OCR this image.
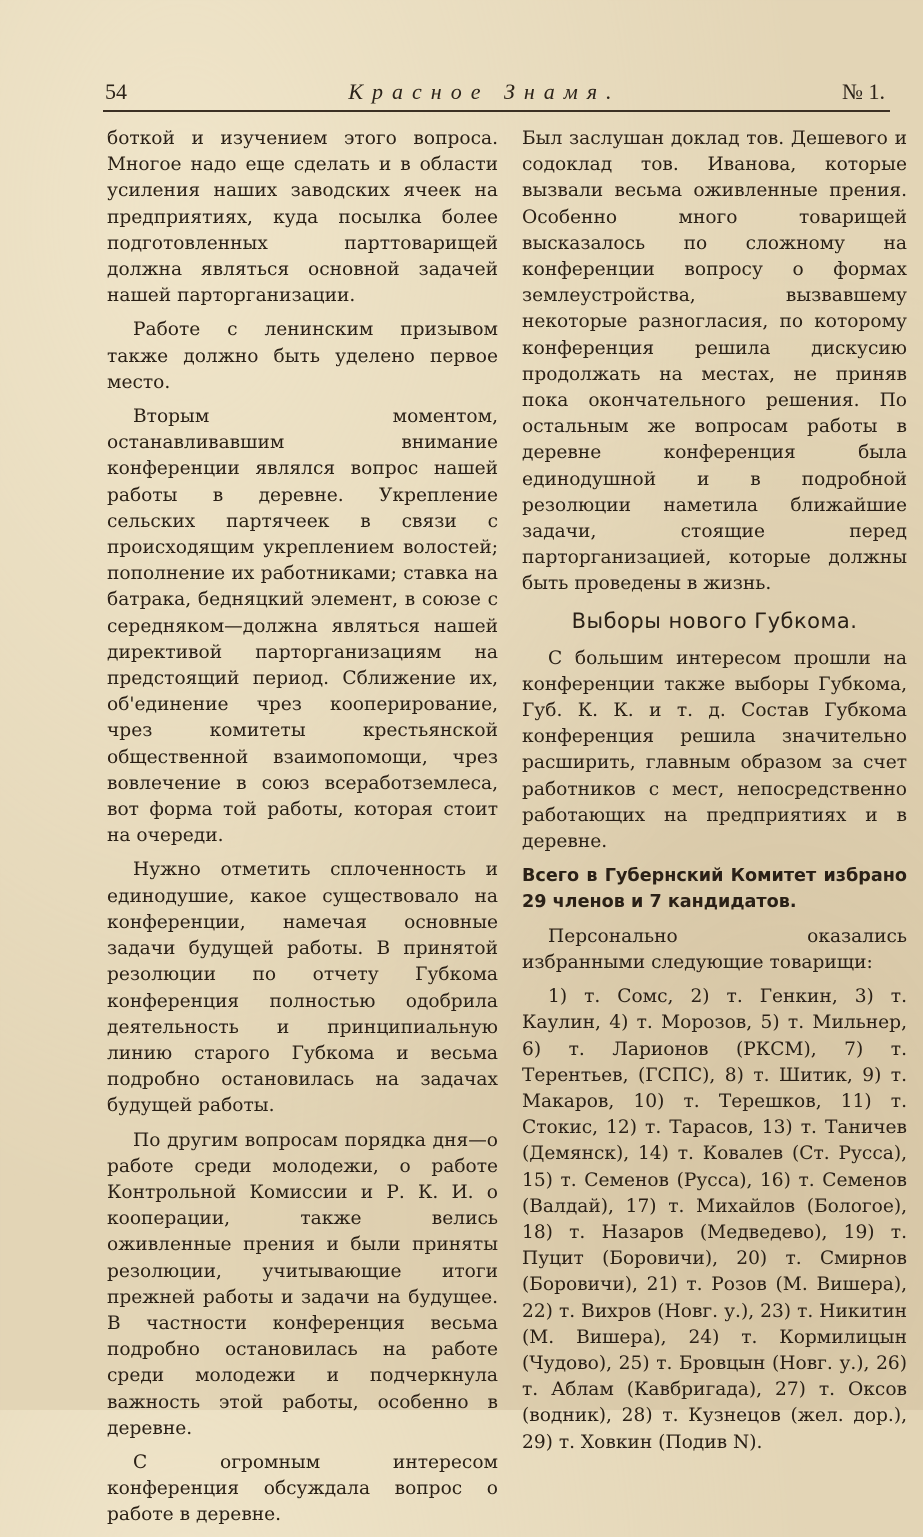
54	Красное Знамя.	№ 1.

боткой и изучением этого вопроса. Многое надо еще сделать и в области усиления наших заводских ячеек на предприятиях, куда посылка более подготовленных парттоварищей должна являться основной задачей нашей парторганизации.

Работе с ленинским призывом также должно быть уделено первое место.

Вторым моментом, останавливавшим внимание конференции являлся вопрос нашей работы в деревне. Укрепление сельских партячеек в связи с происходящим укреплением волостей; пополнение их работниками; ставка на батрака, бедняцкий элемент, в союзе с середняком—должна являться нашей директивой парторганизациям на предстоящий период. Сближение их, об'единение чрез кооперирование, чрез комитеты крестьянской общественной взаимопомощи, чрез вовлечение в союз всеработземлеса, вот форма той работы, которая стоит на очереди.

Нужно отметить сплоченность и единодушие, какое существовало на конференции, намечая основные задачи будущей работы. В принятой резолюции по отчету Губкома конференция полностью одобрила деятельность и принципиальную линию старого Губкома и весьма подробно остановилась на задачах будущей работы.

По другим вопросам порядка дня—о работе среди молодежи, о работе Контрольной Комиссии и Р. К. И. о кооперации, также велись оживленные прения и были приняты резолюции, учитывающие итоги прежней работы и задачи на будущее. В частности конференция весьма подробно остановилась на работе среди молодежи и подчеркнула важность этой работы, особенно в деревне.

С огромным интересом конференция обсуждала вопрос о работе в деревне.

Был заслушан доклад тов. Дешевого и содоклад тов. Иванова, которые вызвали весьма оживленные прения. Особенно много товарищей высказалось по сложному на конференции вопросу о формах землеустройства, вызвавшему некоторые разногласия, по которому конференция решила дискусию продолжать на местах, не приняв пока окончательного решения. По остальным же вопросам работы в деревне конференция была единодушной и в подробной резолюции наметила ближайшие задачи, стоящие перед парторганизацией, которые должны быть проведены в жизнь.

Выборы нового Губкома.

С большим интересом прошли на конференции также выборы Губкома, Губ. К. К. и т. д. Состав Губкома конференция решила значительно расширить, главным образом за счет работников с мест, непосредственно работающих на предприятиях и в деревне.

Всего в Губернский Комитет избрано 29 членов и 7 кандидатов.

Персонально оказались избранными следующие товарищи:

1) т. Сомс, 2) т. Генкин, 3) т. Каулин, 4) т. Морозов, 5) т. Мильнер, 6) т. Ларионов (РКСМ), 7) т. Терентьев, (ГСПС), 8) т. Шитик, 9) т. Макаров, 10) т. Терешков, 11) т. Стокис, 12) т. Тарасов, 13) т. Таничев (Демянск), 14) т. Ковалев (Ст. Русса), 15) т. Семенов (Русса), 16) т. Семенов (Валдай), 17) т. Михайлов (Бологое), 18) т. Назаров (Медведево), 19) т. Пуцит (Боровичи), 20) т. Смирнов (Боровичи), 21) т. Розов (М. Вишера), 22) т. Вихров (Новг. у.), 23) т. Никитин (М. Вишера), 24) т. Кормилицын (Чудово), 25) т. Бровцын (Новг. у.), 26) т. Аблам (Кавбригада), 27) т. Оксов (водник), 28) т. Кузнецов (жел. дор.), 29) т. Ховкин (Подив N).
